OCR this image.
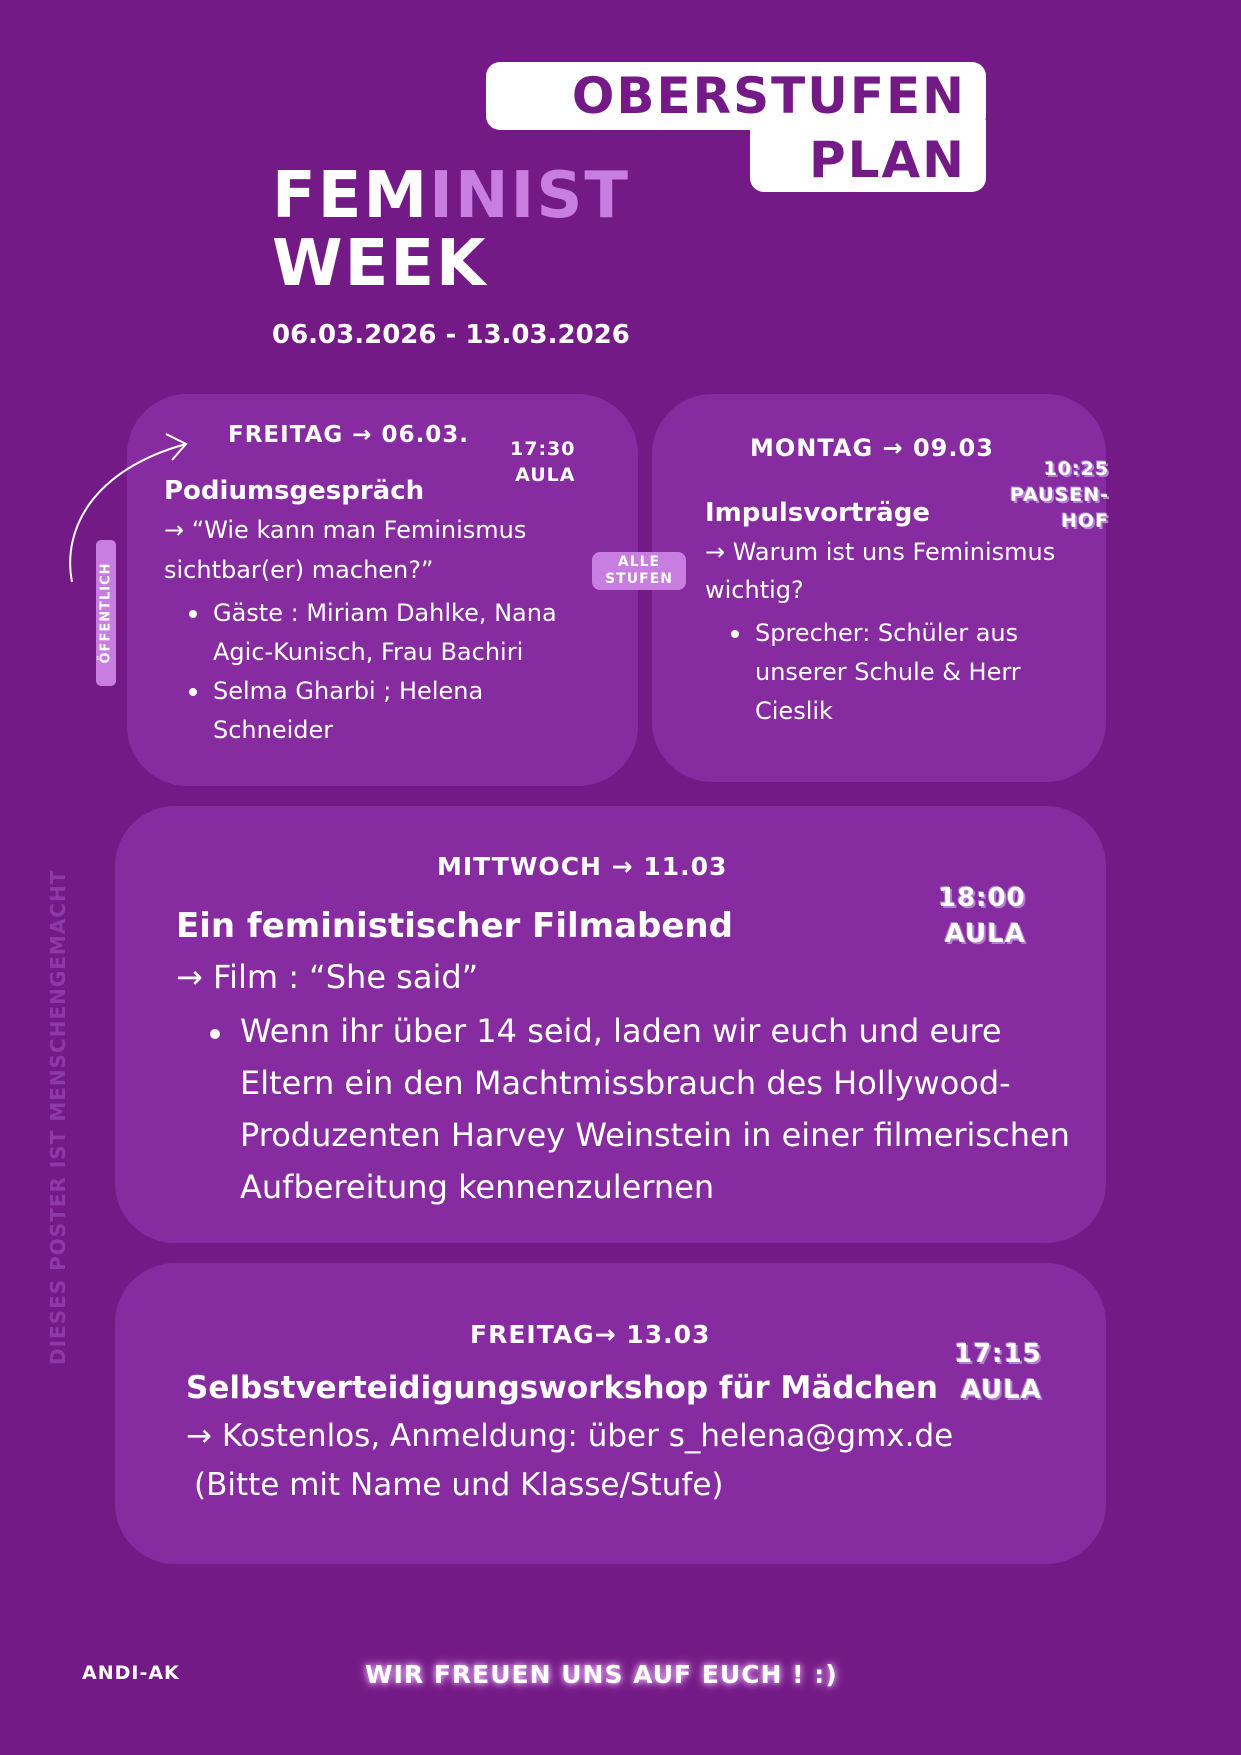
OBERSTUFEN
PLAN
FEMINIST
WEEK
06.03.2026 - 13.03.2026
ÖFFENTLICH
ALLE
STUFEN
FREITAG → 06.03.
17:30
AULA
Podiumsgespräch
→ “Wie kann man Feminismus
sichtbar(er) machen?”
Gäste : Miriam Dahlke, Nana Agic-Kunisch, Frau Bachiri
Selma Gharbi ; Helena Schneider
MONTAG → 09.03
10:25
PAUSEN-
HOF
Impulsvorträge
→ Warum ist uns Feminismus
wichtig?
Sprecher: Schüler aus unserer Schule & Herr Cieslik
MITTWOCH → 11.03
18:00
AULA
Ein feministischer Filmabend
→ Film : “She said”
Wenn ihr über 14 seid, laden wir euch und eure Eltern ein den Machtmissbrauch des Hollywood-Produzenten Harvey Weinstein in einer filmerischen Aufbereitung kennenzulernen
FREITAG→ 13.03
17:15
AULA
Selbstverteidigungsworkshop für Mädchen
→ Kostenlos, Anmeldung: über s_helena@gmx.de
(Bitte mit Name und Klasse/Stufe)
DIESES POSTER IST MENSCHENGEMACHT
ANDI-AK	WIR FREUEN UNS AUF EUCH ! :)
